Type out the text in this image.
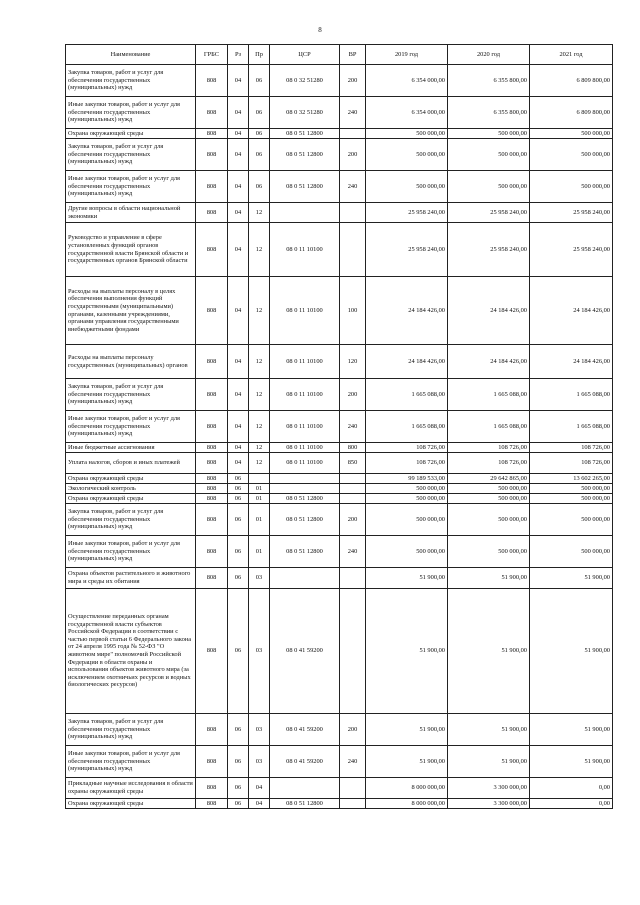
8
Наименование	ГРБС	Рз	Пр	ЦСР	ВР	2019 год	2020 год	2021 год
Закупка товаров, работ и услуг для обеспечения государственных (муниципальных) нужд	808	04	06	08 0 32 51280	200	6 354 000,00	6 355 800,00	6 809 800,00
Иные закупки товаров, работ и услуг для обеспечения государственных (муниципальных) нужд	808	04	06	08 0 32 51280	240	6 354 000,00	6 355 800,00	6 809 800,00
Охрана окружающей среды	808	04	06	08 0 51 12800		500 000,00	500 000,00	500 000,00
Закупка товаров, работ и услуг для обеспечения государственных (муниципальных) нужд	808	04	06	08 0 51 12800	200	500 000,00	500 000,00	500 000,00
Иные закупки товаров, работ и услуг для обеспечения государственных (муниципальных) нужд	808	04	06	08 0 51 12800	240	500 000,00	500 000,00	500 000,00
Другие вопросы в области национальной экономики	808	04	12			25 958 240,00	25 958 240,00	25 958 240,00
Руководство и управление в сфере установленных функций органов государственной власти Брянской области и государственных органов Брянской области	808	04	12	08 0 11 10100		25 958 240,00	25 958 240,00	25 958 240,00
Расходы на выплаты персоналу в целях обеспечения выполнения функций государственными (муниципальными) органами, казенными учреждениями, органами управления государственными внебюджетными фондами	808	04	12	08 0 11 10100	100	24 184 426,00	24 184 426,00	24 184 426,00
Расходы на выплаты персоналу государственных (муниципальных) органов	808	04	12	08 0 11 10100	120	24 184 426,00	24 184 426,00	24 184 426,00
Закупка товаров, работ и услуг для обеспечения государственных (муниципальных) нужд	808	04	12	08 0 11 10100	200	1 665 088,00	1 665 088,00	1 665 088,00
Иные закупки товаров, работ и услуг для обеспечения государственных (муниципальных) нужд	808	04	12	08 0 11 10100	240	1 665 088,00	1 665 088,00	1 665 088,00
Иные бюджетные ассигнования	808	04	12	08 0 11 10100	800	108 726,00	108 726,00	108 726,00
Уплата налогов, сборов и иных платежей	808	04	12	08 0 11 10100	850	108 726,00	108 726,00	108 726,00
Охрана окружающей среды	808	06				99 189 533,00	29 642 865,00	13 602 265,00
Экологический контроль	808	06	01			500 000,00	500 000,00	500 000,00
Охрана окружающей среды	808	06	01	08 0 51 12800		500 000,00	500 000,00	500 000,00
Закупка товаров, работ и услуг для обеспечения государственных (муниципальных) нужд	808	06	01	08 0 51 12800	200	500 000,00	500 000,00	500 000,00
Иные закупки товаров, работ и услуг для обеспечения государственных (муниципальных) нужд	808	06	01	08 0 51 12800	240	500 000,00	500 000,00	500 000,00
Охрана объектов растительного и животного мира и среды их обитания	808	06	03			51 900,00	51 900,00	51 900,00
Осуществление переданных органам государственной власти субъектов Российской Федерации в соответствии с частью первой статьи 6 Федерального закона от 24 апреля 1995 года № 52-ФЗ "О животном мире" полномочий Российской Федерации в области охраны и использования объектов животного мира (за исключением охотничьих ресурсов и водных биологических ресурсов)	808	06	03	08 0 41 59200		51 900,00	51 900,00	51 900,00
Закупка товаров, работ и услуг для обеспечения государственных (муниципальных) нужд	808	06	03	08 0 41 59200	200	51 900,00	51 900,00	51 900,00
Иные закупки товаров, работ и услуг для обеспечения государственных (муниципальных) нужд	808	06	03	08 0 41 59200	240	51 900,00	51 900,00	51 900,00
Прикладные научные исследования в области охраны окружающей среды	808	06	04			8 000 000,00	3 300 000,00	0,00
Охрана окружающей среды	808	06	04	08 0 51 12800		8 000 000,00	3 300 000,00	0,00
